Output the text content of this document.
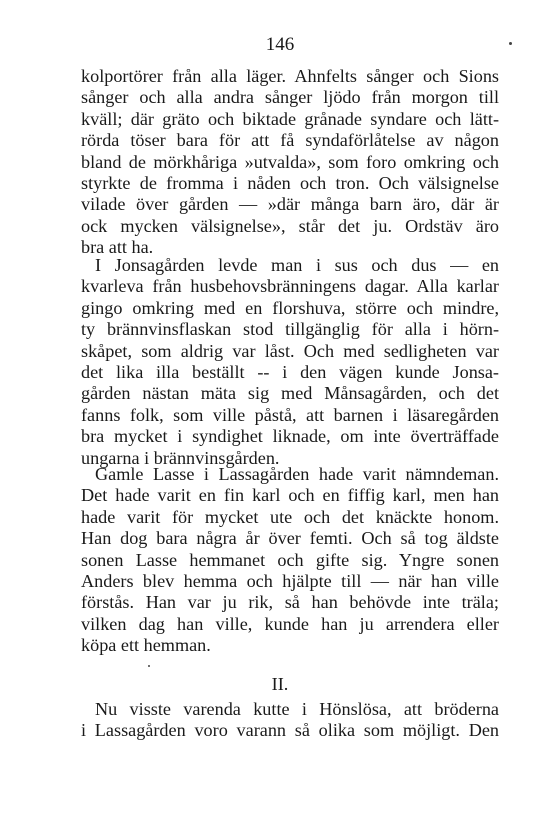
146
kolportörer från alla läger. Ahnfelts sånger och Sions
sånger och alla andra sånger ljödo från morgon till
kväll; där gräto och biktade grånade syndare och lätt-
rörda töser bara för att få syndaförlåtelse av någon
bland de mörkhåriga »utvalda», som foro omkring och
styrkte de fromma i nåden och tron. Och välsignelse
vilade över gården — »där många barn äro, där är
ock mycken välsignelse», står det ju. Ordstäv äro
bra att ha.
I Jonsagården levde man i sus och dus — en
kvarleva från husbehovsbränningens dagar. Alla karlar
gingo omkring med en florshuva, större och mindre,
ty brännvinsflaskan stod tillgänglig för alla i hörn-
skåpet, som aldrig var låst. Och med sedligheten var
det lika illa beställt -- i den vägen kunde Jonsa-
gården nästan mäta sig med Månsagården, och det
fanns folk, som ville påstå, att barnen i läsaregården
bra mycket i syndighet liknade, om inte överträffade
ungarna i brännvinsgården.
Gamle Lasse i Lassagården hade varit nämndeman.
Det hade varit en fin karl och en fiffig karl, men han
hade varit för mycket ute och det knäckte honom.
Han dog bara några år över femti. Och så tog äldste
sonen Lasse hemmanet och gifte sig. Yngre sonen
Anders blev hemma och hjälpte till — när han ville
förstås. Han var ju rik, så han behövde inte träla;
vilken dag han ville, kunde han ju arrendera eller
köpa ett hemman.
II.
Nu visste varenda kutte i Hönslösa, att bröderna
i Lassagården voro varann så olika som möjligt. Den
